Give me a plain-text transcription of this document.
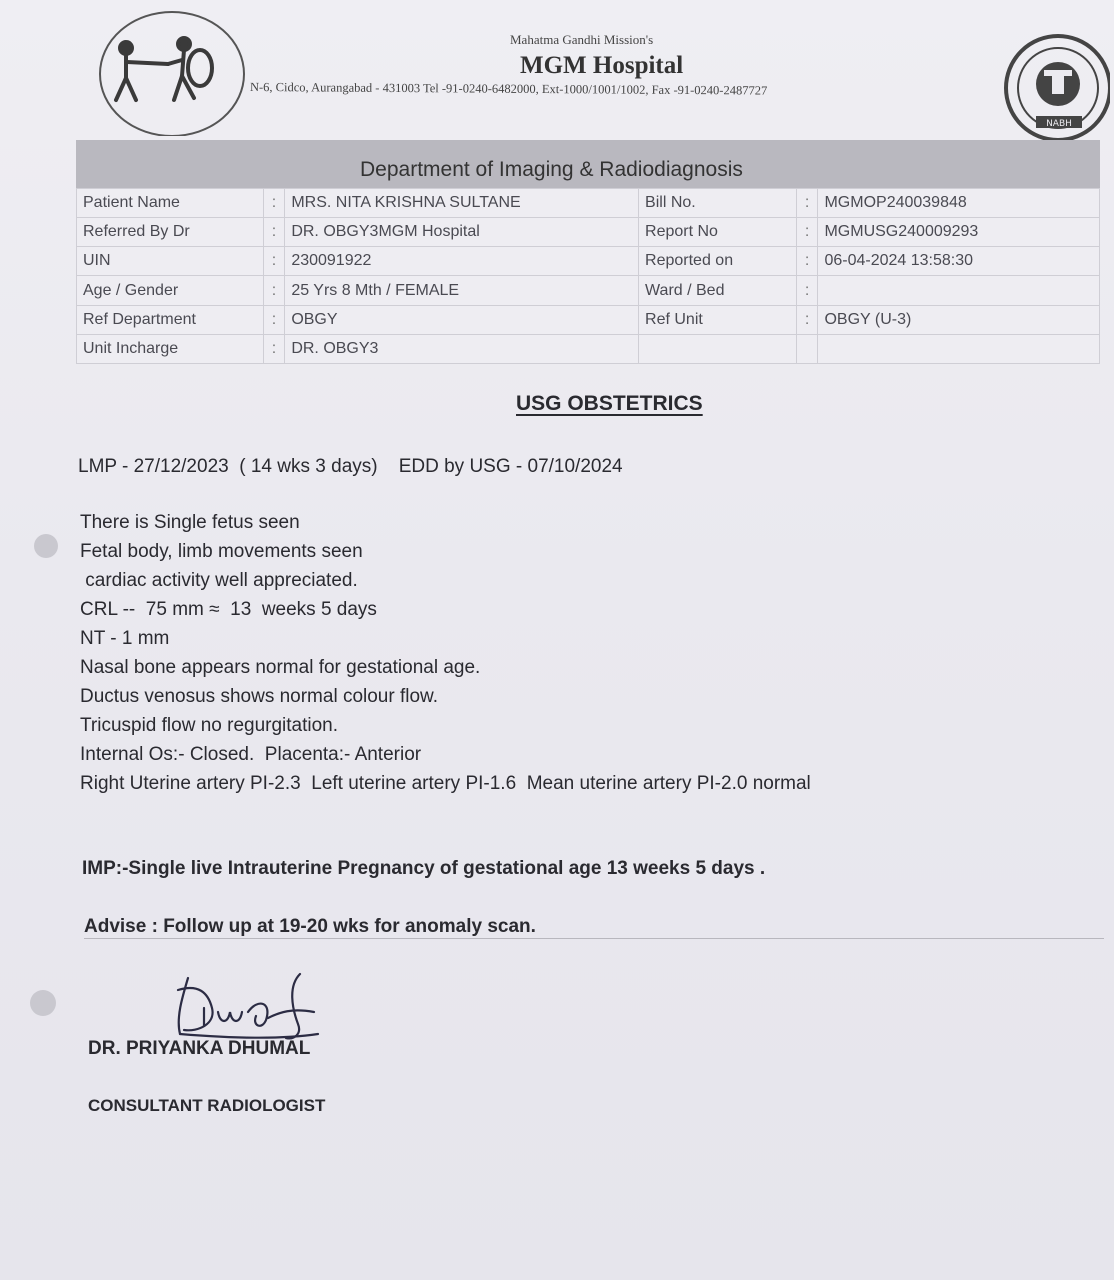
NABH
Mahatma Gandhi Mission's
MGM Hospital
N-6, Cidco, Aurangabad - 431003 Tel -91-0240-6482000, Ext-1000/1001/1002, Fax -91-0240-2487727
Department of Imaging & Radiodiagnosis
Patient Name	:	MRS. NITA KRISHNA SULTANE	Bill No.	:	MGMOP240039848
Referred By Dr	:	DR. OBGY3MGM Hospital	Report No	:	MGMUSG240009293
UIN	:	230091922	Reported on	:	06-04-2024 13:58:30
Age / Gender	:	25 Yrs 8 Mth / FEMALE	Ward / Bed	:	
Ref Department	:	OBGY	Ref Unit	:	OBGY (U-3)
Unit Incharge	:	DR. OBGY3			
USG OBSTETRICS
LMP - 27/12/2023  ( 14 wks 3 days)    EDD by USG - 07/10/2024
There is Single fetus seen
Fetal body, limb movements seen
cardiac activity well appreciated.
CRL --  75 mm ≈  13  weeks 5 days
NT - 1 mm
Nasal bone appears normal for gestational age.
Ductus venosus shows normal colour flow.
Tricuspid flow no regurgitation.
Internal Os:- Closed.  Placenta:- Anterior
Right Uterine artery PI-2.3  Left uterine artery PI-1.6  Mean uterine artery PI-2.0 normal
IMP:-Single live Intrauterine Pregnancy of gestational age 13 weeks 5 days .
Advise : Follow up at 19-20 wks for anomaly scan.
DR. PRIYANKA DHUMAL
CONSULTANT RADIOLOGIST
